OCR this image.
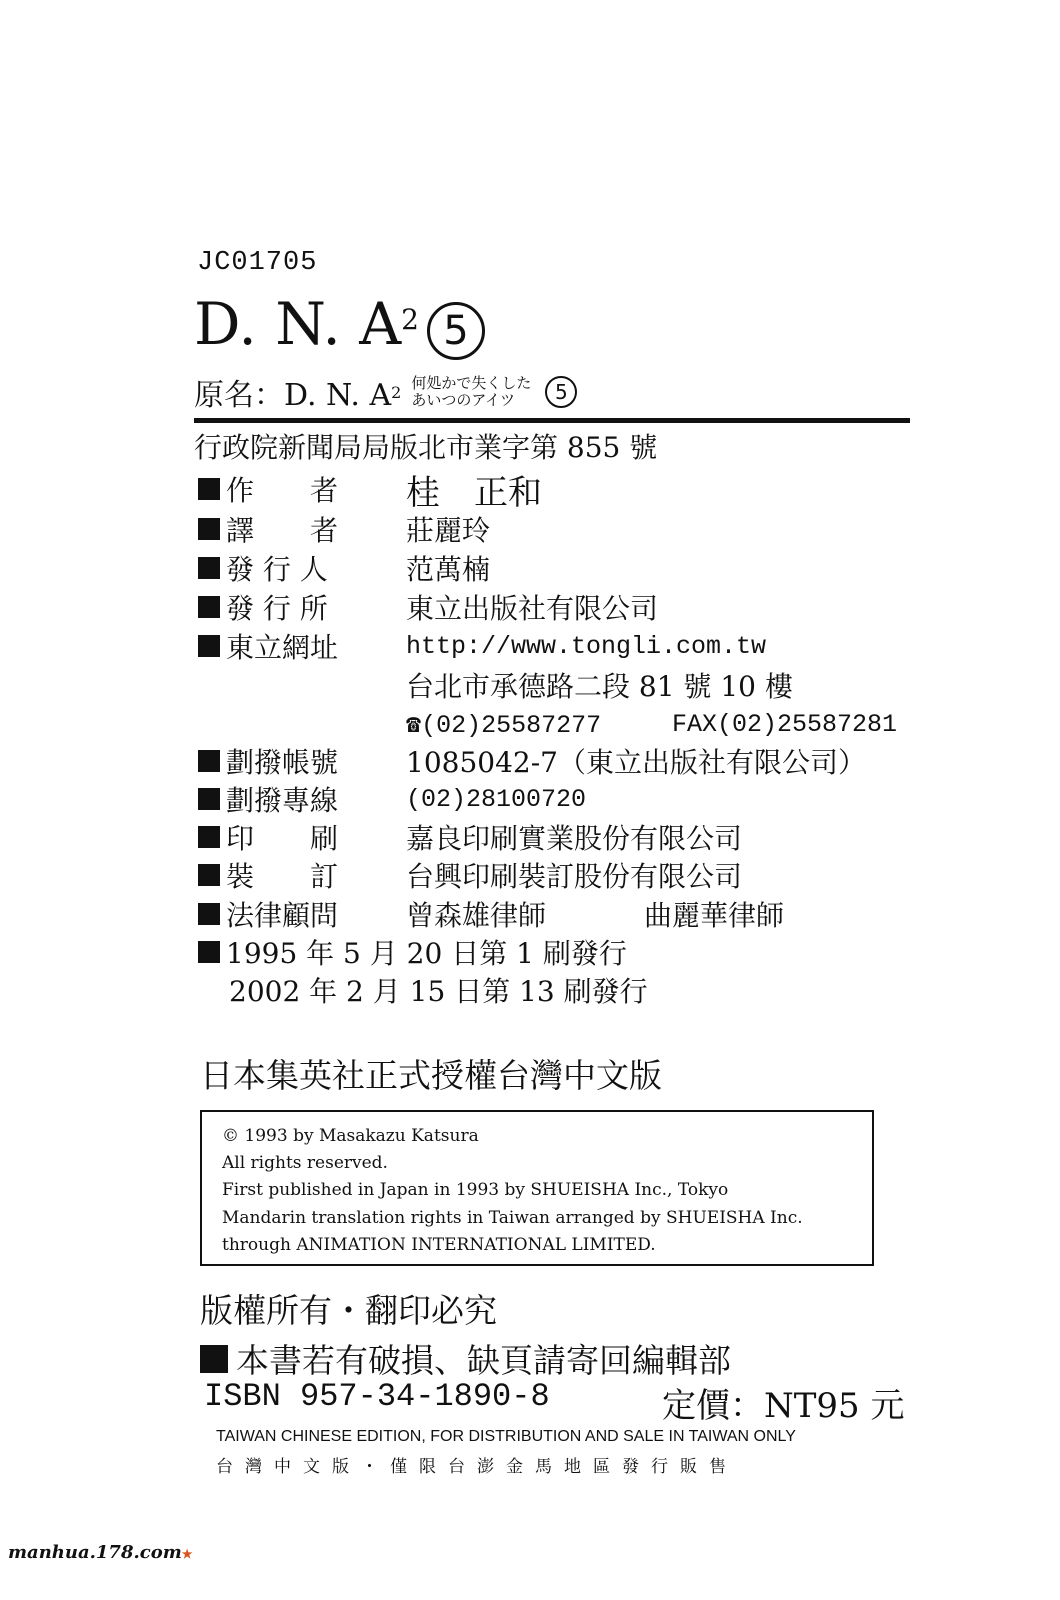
JC01705
D. N. $A^2$ 5
原名：D. N. A 2 何処かで失くした
あいつのアイツ	5
行政院新聞局局版北市業字第 855 號
作　　者	桂　正和
譯　　者	莊麗玲
發 行 人	范萬楠
發 行 所	東立出版社有限公司
東立網址	http://www.tongli.com.tw
台北市承德路二段 81 號 10 樓
☎(02)25587277	FAX(02)25587281
劃撥帳號	1085042-7（東立出版社有限公司）
劃撥專線	(02)28100720
印　　刷	嘉良印刷實業股份有限公司
裝　　訂	台興印刷裝訂股份有限公司
法律顧問	曾森雄律師	曲麗華律師
1995 年 5 月 20 日第 1 刷發行
2002 年 2 月 15 日第 13 刷發行
日本集英社正式授權台灣中文版
© 1993 by Masakazu Katsura
All rights reserved.
First published in Japan in 1993 by SHUEISHA Inc., Tokyo
Mandarin translation rights in Taiwan arranged by SHUEISHA Inc.
through ANIMATION INTERNATIONAL LIMITED.
版權所有・翻印必究
本書若有破損、缺頁請寄回編輯部
ISBN 957-34-1890-8	定價：NT95 元
TAIWAN CHINESE EDITION, FOR DISTRIBUTION AND SALE IN TAIWAN ONLY
台灣中文版・僅限台澎金馬地區發行販售
manhua.178.com★
